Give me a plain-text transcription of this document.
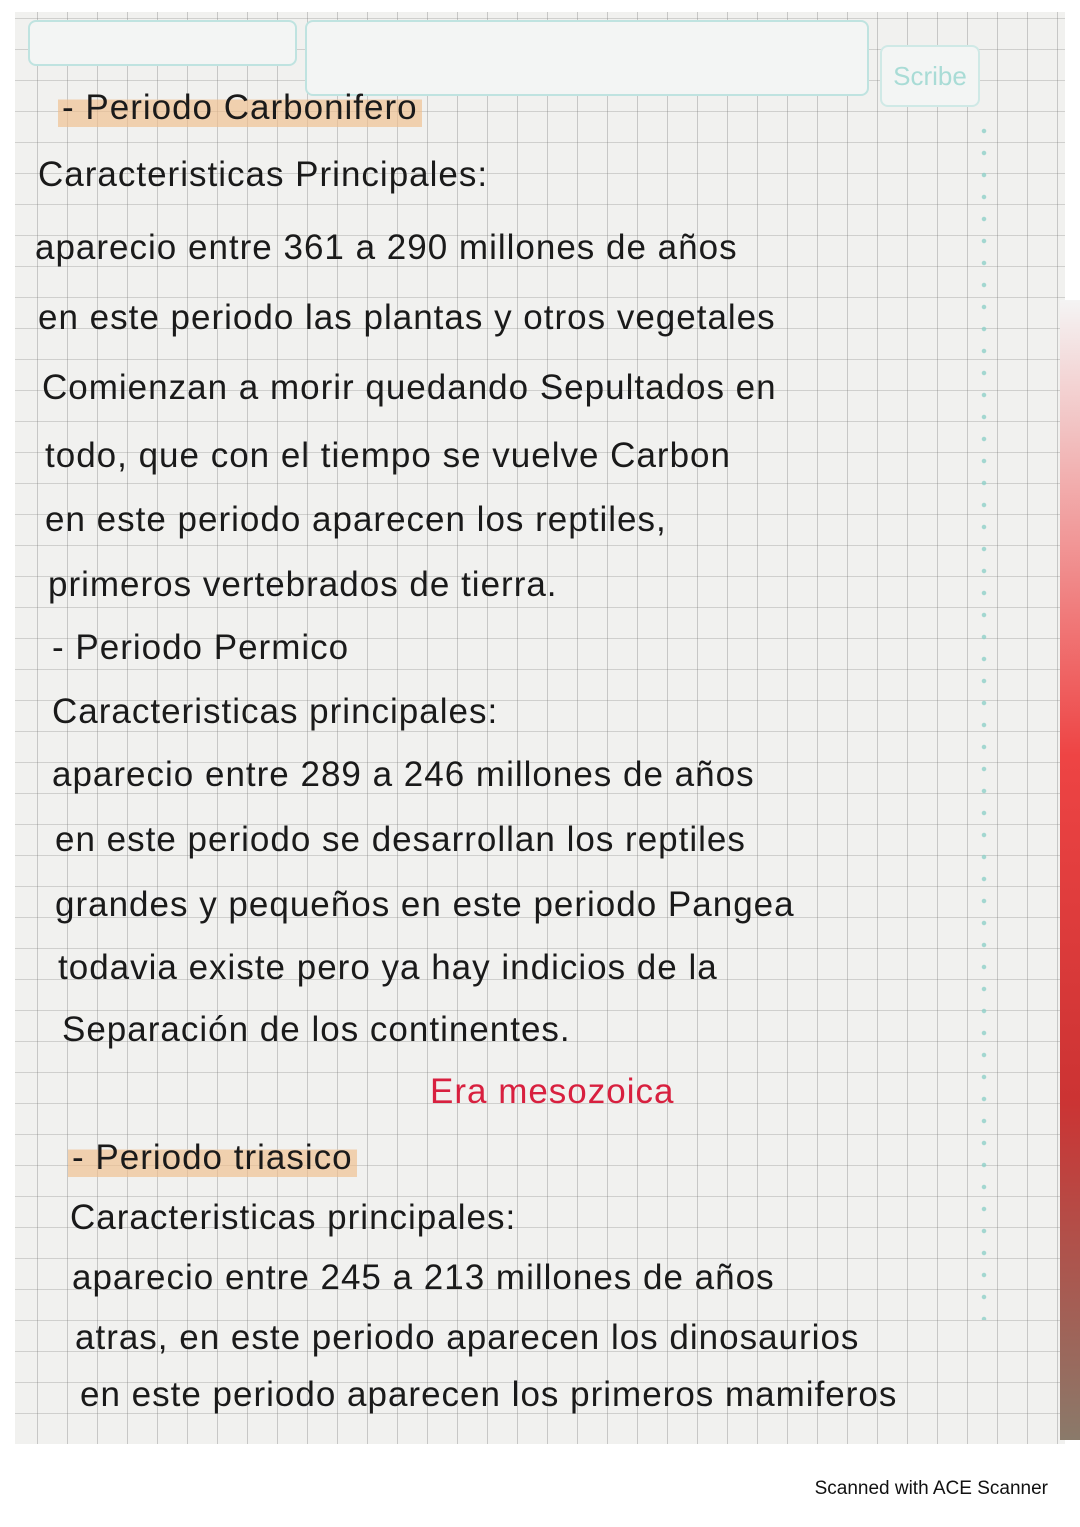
Scribe
- Periodo Carbonifero
Caracteristicas Principales:
aparecio entre 361 a 290 millones de años
en este periodo las plantas y otros vegetales
Comienzan a morir quedando Sepultados en
todo, que con el tiempo se vuelve Carbon
en este periodo aparecen los reptiles,
primeros vertebrados de tierra.
- Periodo Permico
Caracteristicas principales:
aparecio entre 289 a 246 millones de años
en este periodo se desarrollan los reptiles
grandes y pequeños en este periodo Pangea
todavia existe pero ya hay indicios de la
Separación de los continentes.
Era mesozoica
- Periodo triasico
Caracteristicas principales:
aparecio entre 245 a 213 millones de años
atras, en este periodo aparecen los dinosaurios
en este periodo aparecen los primeros mamiferos
Scanned with ACE Scanner
